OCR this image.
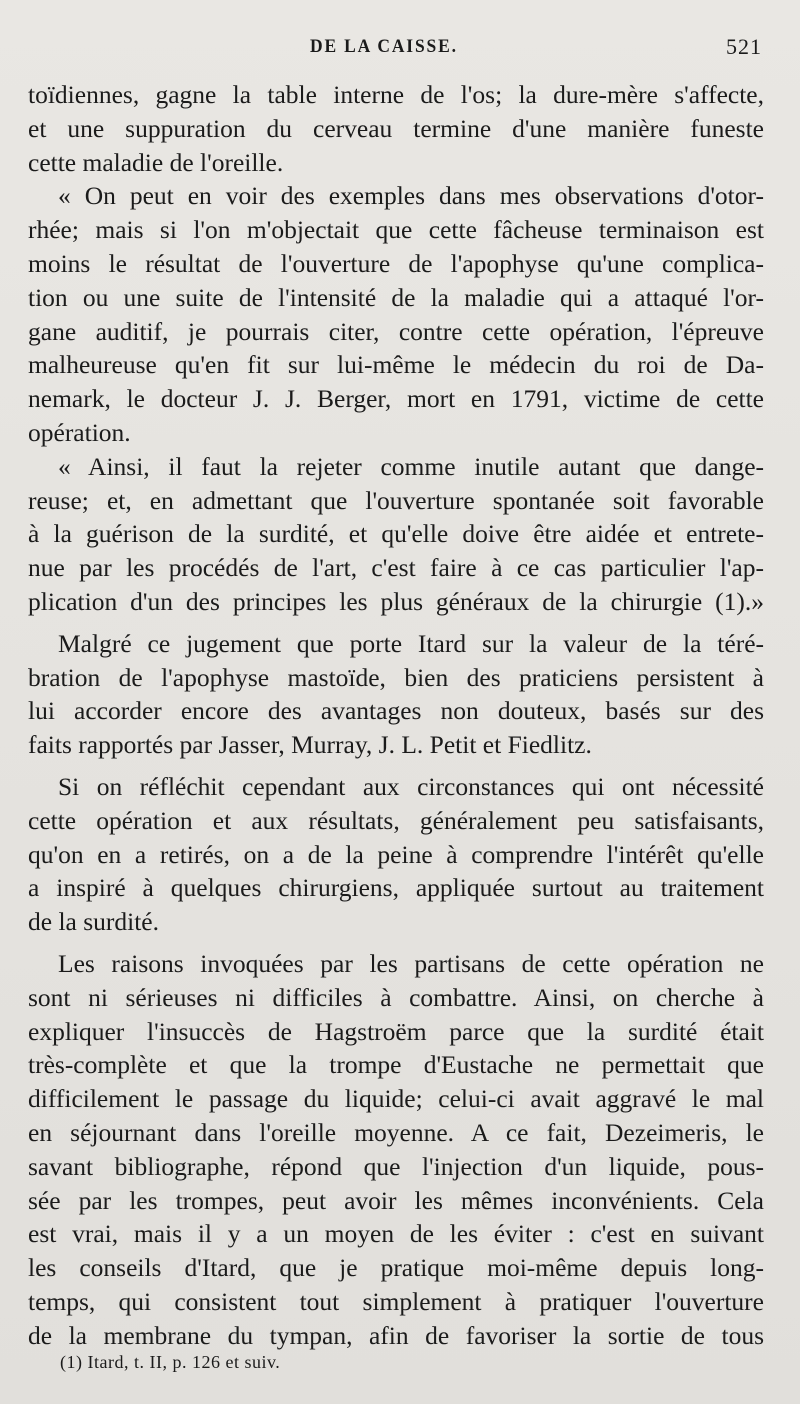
DE LA CAISSE.	521
toïdiennes, gagne la table interne de l'os; la dure-mère s'affecte,
et une suppuration du cerveau termine d'une manière funeste
cette maladie de l'oreille.
« On peut en voir des exemples dans mes observations d'otor-
rhée; mais si l'on m'objectait que cette fâcheuse terminaison est
moins le résultat de l'ouverture de l'apophyse qu'une complica-
tion ou une suite de l'intensité de la maladie qui a attaqué l'or-
gane auditif, je pourrais citer, contre cette opération, l'épreuve
malheureuse qu'en fit sur lui-même le médecin du roi de Da-
nemark, le docteur J. J. Berger, mort en 1791, victime de cette
opération.
« Ainsi, il faut la rejeter comme inutile autant que dange-
reuse; et, en admettant que l'ouverture spontanée soit favorable
à la guérison de la surdité, et qu'elle doive être aidée et entrete-
nue par les procédés de l'art, c'est faire à ce cas particulier l'ap-
plication d'un des principes les plus généraux de la chirurgie (1).»
Malgré ce jugement que porte Itard sur la valeur de la téré-
bration de l'apophyse mastoïde, bien des praticiens persistent à
lui accorder encore des avantages non douteux, basés sur des
faits rapportés par Jasser, Murray, J. L. Petit et Fiedlitz.
Si on réfléchit cependant aux circonstances qui ont nécessité
cette opération et aux résultats, généralement peu satisfaisants,
qu'on en a retirés, on a de la peine à comprendre l'intérêt qu'elle
a inspiré à quelques chirurgiens, appliquée surtout au traitement
de la surdité.
Les raisons invoquées par les partisans de cette opération ne
sont ni sérieuses ni difficiles à combattre. Ainsi, on cherche à
expliquer l'insuccès de Hagstroëm parce que la surdité était
très-complète et que la trompe d'Eustache ne permettait que
difficilement le passage du liquide; celui-ci avait aggravé le mal
en séjournant dans l'oreille moyenne. A ce fait, Dezeimeris, le
savant bibliographe, répond que l'injection d'un liquide, pous-
sée par les trompes, peut avoir les mêmes inconvénients. Cela
est vrai, mais il y a un moyen de les éviter : c'est en suivant
les conseils d'Itard, que je pratique moi-même depuis long-
temps, qui consistent tout simplement à pratiquer l'ouverture
de la membrane du tympan, afin de favoriser la sortie de tous
(1) Itard, t. II, p. 126 et suiv.
